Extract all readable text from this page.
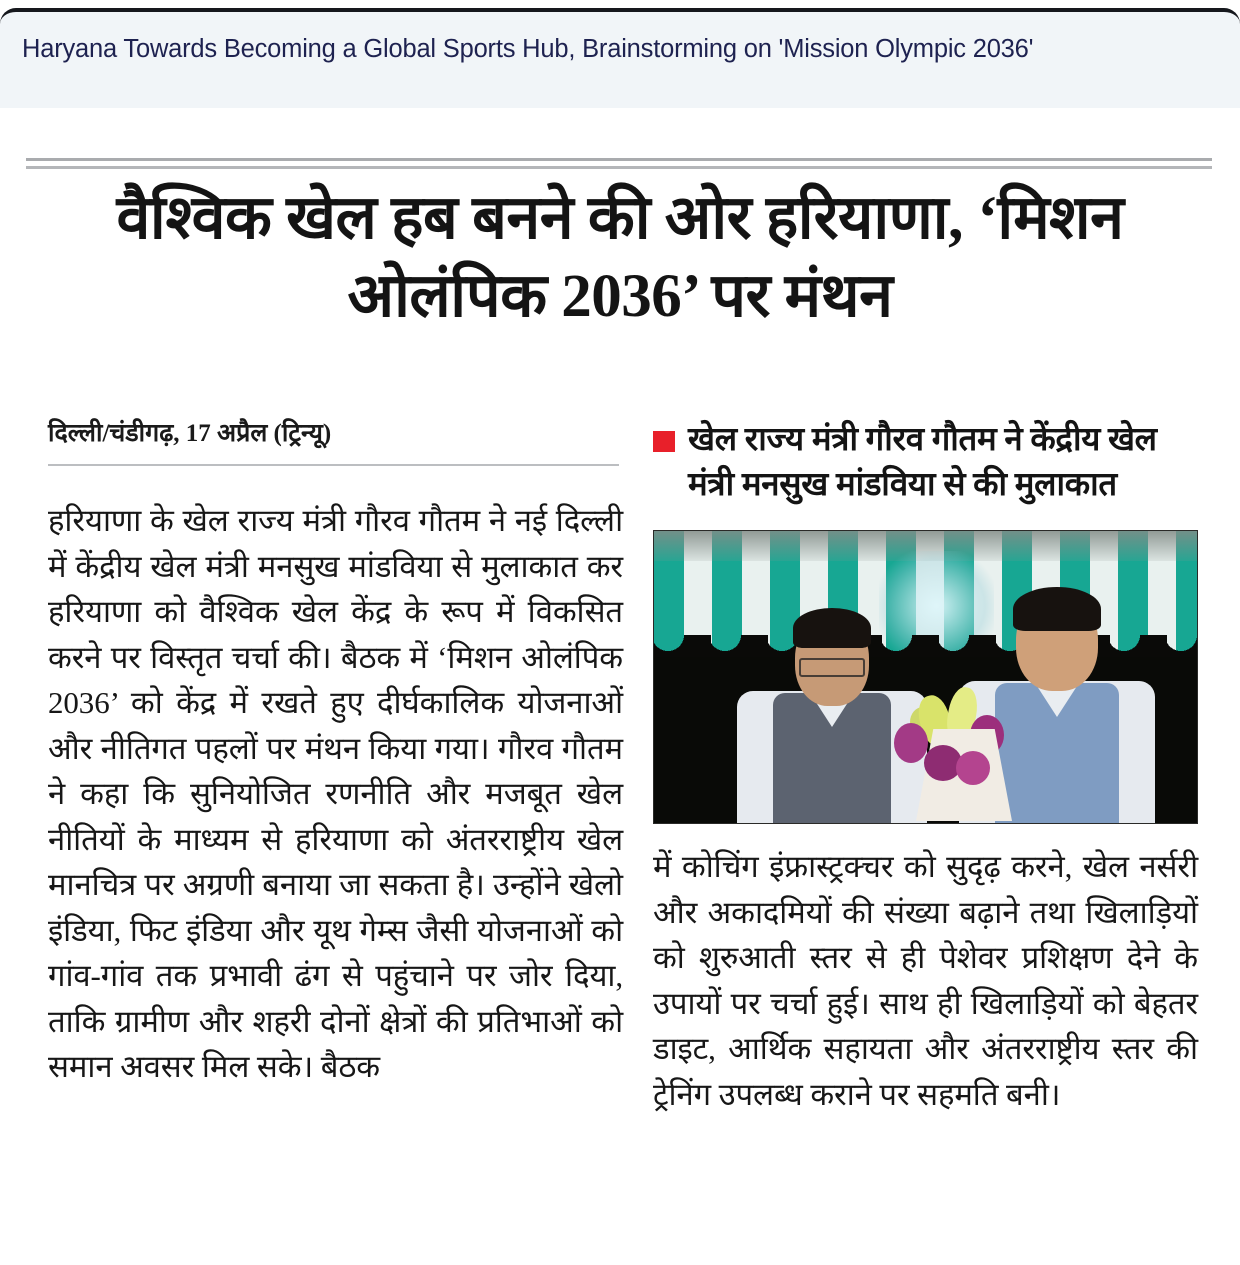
Haryana Towards Becoming a Global Sports Hub, Brainstorming on 'Mission Olympic 2036'
वैश्विक खेल हब बनने की ओर हरियाणा, ‘मिशन ओलंपिक 2036’ पर मंथन
दिल्ली/चंडीगढ़, 17 अप्रैल (ट्रिन्यू)
हरियाणा के खेल राज्य मंत्री गौरव गौतम ने नई दिल्ली में केंद्रीय खेल मंत्री मनसुख मांडविया से मुलाकात कर हरियाणा को वैश्विक खेल केंद्र के रूप में विकसित करने पर विस्तृत चर्चा की। बैठक में ‘मिशन ओलंपिक 2036’ को केंद्र में रखते हुए दीर्घकालिक योजनाओं और नीतिगत पहलों पर मंथन किया गया। गौरव गौतम ने कहा कि सुनियोजित रणनीति और मजबूत खेल नीतियों के माध्यम से हरियाणा को अंतरराष्ट्रीय खेल मानचित्र पर अग्रणी बनाया जा सकता है। उन्होंने खेलो इंडिया, फिट इंडिया और यूथ गेम्स जैसी योजनाओं को गांव-गांव तक प्रभावी ढंग से पहुंचाने पर जोर दिया, ताकि ग्रामीण और शहरी दोनों क्षेत्रों की प्रतिभाओं को समान अवसर मिल सके। बैठक
खेल राज्य मंत्री गौरव गौतम ने केंद्रीय खेल मंत्री मनसुख मांडविया से की मुलाकात
में कोचिंग इंफ्रास्ट्रक्चर को सुदृढ़ करने, खेल नर्सरी और अकादमियों की संख्या बढ़ाने तथा खिलाड़ियों को शुरुआती स्तर से ही पेशेवर प्रशिक्षण देने के उपायों पर चर्चा हुई। साथ ही खिलाड़ियों को बेहतर डाइट, आर्थिक सहायता और अंतरराष्ट्रीय स्तर की ट्रेनिंग उपलब्ध कराने पर सहमति बनी।
